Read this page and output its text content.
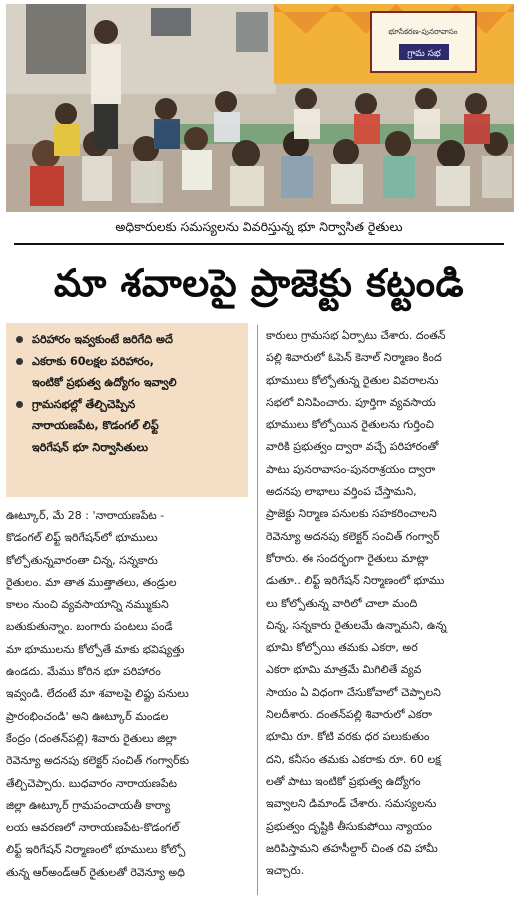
భూసేకరణ-పునరావాసం
గ్రామ సభ
అధికారులకు సమస్యలను వివరిస్తున్న భూ నిర్వాసిత రైతులు
మా శవాలపై ప్రాజెక్టు కట్టండి
పరిహారం ఇవ్వకుంటే జరిగేది అదే
ఎకరాకు 60లక్షల పరిహారం,
ఇంటికో ప్రభుత్వ ఉద్యోగం ఇవ్వాలి
గ్రామసభల్లో తేల్చిచెప్పిన
నారాయణపేట, కొడంగల్ లిఫ్ట్
ఇరిగేషన్ భూ నిర్వాసితులు
ఊట్కూర్, మే 28 : 'నారాయణపేట -
కొడంగల్ లిఫ్ట్ ఇరిగేషన్‌లో భూములు
కోల్పోతున్నవారంతా చిన్న, సన్నకారు
రైతులం. మా తాత ముత్తాతలు, తండ్రుల
కాలం నుంచి వ్యవసాయాన్ని నమ్ముకుని
బతుకుతున్నాం. బంగారు పంటలు పండే
మా భూములను కోల్పోతే మాకు భవిష్యత్తు
ఉండదు. మేము కోరిన భూ పరిహారం
ఇవ్వండి. లేదంటే మా శవాలపై లిఫ్టు పనులు
ప్రారంభించండి' అని ఊట్కూర్ మండల
కేంద్రం (దంతన్‌పల్లి) శివారు రైతులు జిల్లా
రెవెన్యూ అదనపు కలెక్టర్ సంచిత్ గంగ్వార్‌కు
తేల్చిచెప్పారు. బుధవారం నారాయణపేట
జిల్లా ఊట్కూర్ గ్రామపంచాయతీ కార్యా
లయ ఆవరణలో నారాయణపేట-కొడంగల్
లిఫ్ట్ ఇరిగేషన్ నిర్మాణంలో భూములు కోల్పో
తున్న ఆర్అండ్ఆర్ రైతులతో రెవెన్యూ అధి
కారులు గ్రామసభ ఏర్పాటు చేశారు. దంతన్
పల్లి శివారులో ఓపెన్ కెనాల్ నిర్మాణం కింద
భూములు కోల్పోతున్న రైతుల వివరాలను
సభలో వినిపించారు. పూర్తిగా వ్యవసాయ
భూములు కోల్పోయిన రైతులను గుర్తించి
వారికి ప్రభుత్వం ద్వారా వచ్చే పరిహారంతో
పాటు పునరావాసం-పునరాశ్రయం ద్వారా
అదనపు లాభాలు వర్తింప చేస్తామని,
ప్రాజెక్టు నిర్మాణ పనులకు సహకరించాలని
రెవెన్యూ అదనపు కలెక్టర్ సంచిత్ గంగ్వార్
కోరారు. ఈ సందర్భంగా రైతులు మాట్లా
డుతూ.. లిఫ్ట్ ఇరిగేషన్ నిర్మాణంలో భూము
లు కోల్పోతున్న వారిలో చాలా మంది
చిన్న, సన్నకారు రైతులమే ఉన్నామని, ఉన్న
భూమి కోల్పోయి తమకు ఎకరా, అర
ఎకరా భూమి మాత్రమే మిగిలితే వ్యవ
సాయం ఏ విధంగా చేసుకోవాలో చెప్పాలని
నిలదీశారు. దంతన్‌పల్లి శివారులో ఎకరా
భూమి రూ. కోటి వరకు ధర పలుకుతుం
దని, కనీసం తమకు ఎకరాకు రూ. 60 లక్ష
లతో పాటు ఇంటికో ప్రభుత్వ ఉద్యోగం
ఇవ్వాలని డిమాండ్ చేశారు. సమస్యలను
ప్రభుత్వం దృష్టికి తీసుకుపోయి న్యాయం
జరిపిస్తామని తహసీల్దార్ చింత రవి హామీ
ఇచ్చారు.
